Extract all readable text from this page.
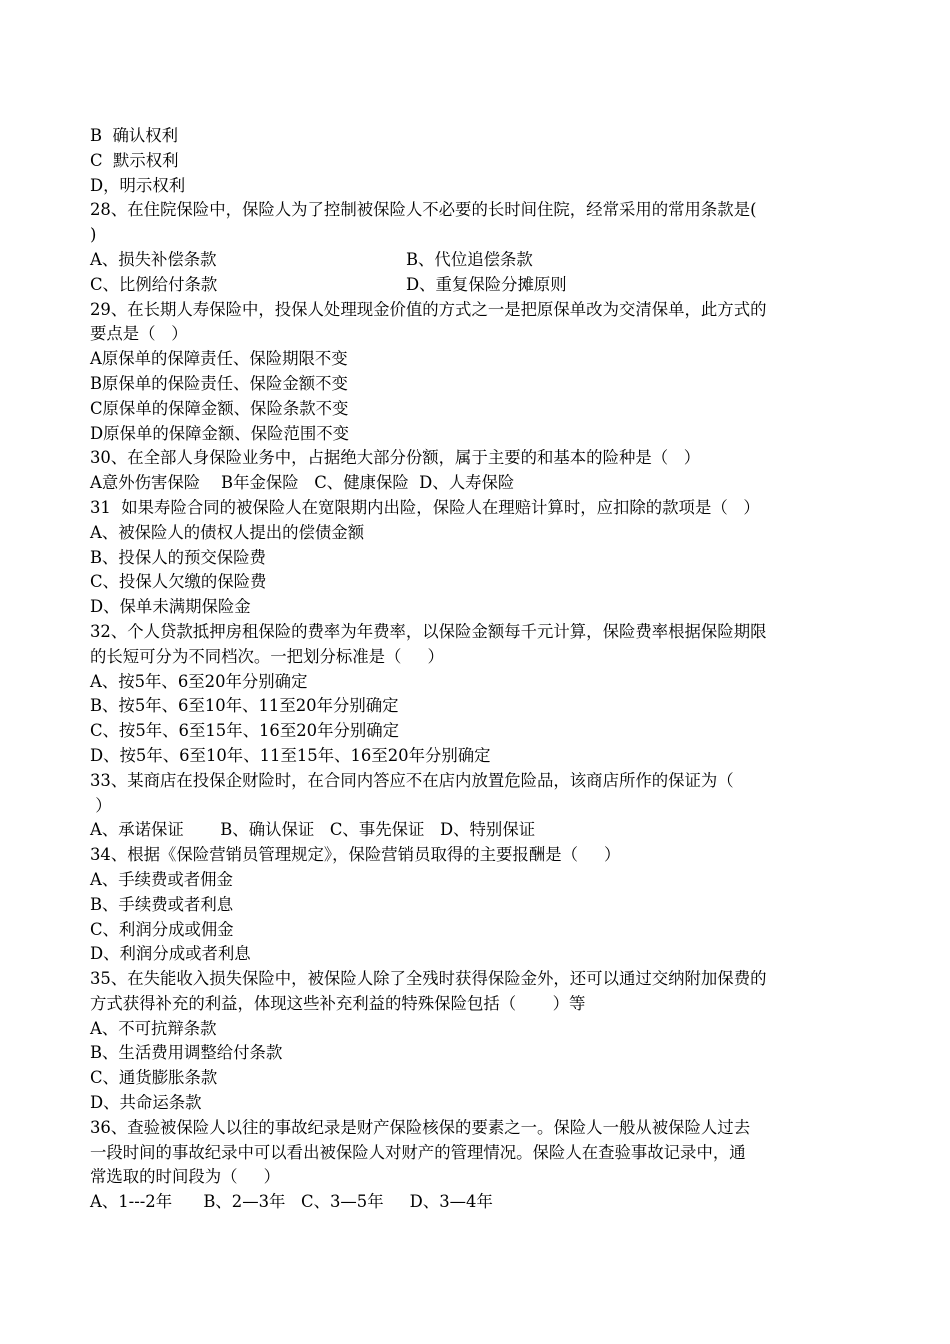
B  确认权利
C  默示权利
D，明示权利
28、在住院保险中，保险人为了控制被保险人不必要的长时间住院，经常采用的常用条款是(
)
A、损失补偿条款	B、代位追偿条款
C、比例给付条款	D、重复保险分摊原则
29、在长期人寿保险中，投保人处理现金价值的方式之一是把原保单改为交清保单，此方式的
要点是（   ）
A原保单的保障责任、保险期限不变
B原保单的保险责任、保险金额不变
C原保单的保障金额、保险条款不变
D原保单的保障金额、保险范围不变
30、在全部人身保险业务中，占据绝大部分份额，属于主要的和基本的险种是（   ）
A意外伤害保险    B年金保险   C、健康保险  D、人寿保险
31  如果寿险合同的被保险人在宽限期内出险，保险人在理赔计算时，应扣除的款项是（   ）
A、被保险人的债权人提出的偿债金额
B、投保人的预交保险费
C、投保人欠缴的保险费
D、保单未满期保险金
32、个人贷款抵押房租保险的费率为年费率，以保险金额每千元计算，保险费率根据保险期限
的长短可分为不同档次。一把划分标准是（     ）
A、按5年、6至20年分别确定
B、按5年、6至10年、11至20年分别确定
C、按5年、6至15年、16至20年分别确定
D、按5年、6至10年、11至15年、16至20年分别确定
33、某商店在投保企财险时，在合同内答应不在店内放置危险品，该商店所作的保证为（
）
A、承诺保证       B、确认保证   C、事先保证   D、特别保证
34、根据《保险营销员管理规定》，保险营销员取得的主要报酬是（     ）
A、手续费或者佣金
B、手续费或者利息
C、利润分成或佣金
D、利润分成或者利息
35、在失能收入损失保险中，被保险人除了全残时获得保险金外，还可以通过交纳附加保费的
方式获得补充的利益，体现这些补充利益的特殊保险包括（       ）等
A、不可抗辩条款
B、生活费用调整给付条款
C、通货膨胀条款
D、共命运条款
36、查验被保险人以往的事故纪录是财产保险核保的要素之一。保险人一般从被保险人过去
一段时间的事故纪录中可以看出被保险人对财产的管理情况。保险人在查验事故记录中，通
常选取的时间段为（     ）
A、1---2年      B、2—3年   C、3—5年     D、3—4年
